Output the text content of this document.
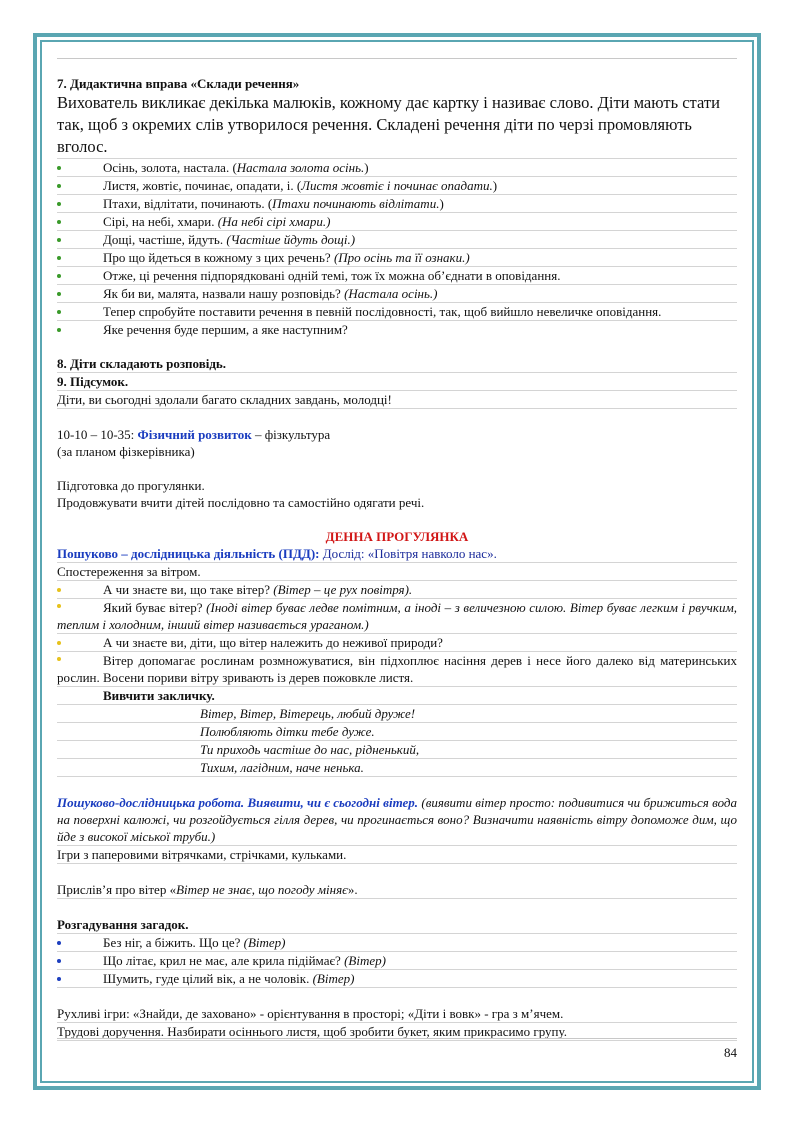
7. Дидактична вправа «Склади речення»
Вихователь викликає декілька малюків, кожному дає картку і називає слово. Діти мають стати так, щоб з окремих слів утворилося речення. Складені речення діти по черзі промовляють вголос.
Осінь, золота, настала. (Настала золота осінь.)
Листя, жовтіє, починає, опадати, і. (Листя жовтіє і починає опадати.)
Птахи, відлітати, починають. (Птахи починають відлітати.)
Сірі, на небі, хмари. (На небі сірі хмари.)
Дощі, частіше, йдуть. (Частіше йдуть дощі.)
Про що йдеться в кожному з цих речень? (Про осінь та її ознаки.)
Отже, ці речення підпорядковані одній темі, тож їх можна об’єднати в оповідання.
Як би ви, малята, назвали нашу розповідь? (Настала осінь.)
Тепер спробуйте поставити речення в певній послідовності, так, щоб вийшло невеличке оповідання.
Яке речення буде першим, а яке наступним?
8. Діти складають розповідь.
9. Підсумок.
Діти, ви сьогодні здолали багато складних завдань, молодці!
10-10 – 10-35: Фізичний розвиток – фізкультура
(за планом фізкерівника)
Підготовка до прогулянки.
Продовжувати вчити дітей послідовно та самостійно одягати речі.
ДЕННА ПРОГУЛЯНКА
Пошуково – дослідницька діяльність (ПДД): Дослід: «Повітря навколо нас».
Спостереження за вітром.
А чи знаєте ви, що таке вітер? (Вітер – це рух повітря).
Який буває вітер? (Іноді вітер буває ледве помітним, а іноді – з величезною силою. Вітер буває легким і рвучким, теплим і холодним, інший вітер називається ураганом.)
А чи знаєте ви, діти, що вітер належить до неживої природи?
Вітер допомагає рослинам розмножуватися, він підхоплює насіння дерев і несе його далеко від материнських рослин. Восени пориви вітру зривають із дерев пожовкле листя.
Вивчити закличку.
Вітер, Вітер, Вітерець, любий друже!
Полюбляють дітки тебе дуже.
Ти приходь частіше до нас, рідненький,
Тихим, лагідним, наче ненька.
Пошуково-дослідницька робота. Виявити, чи є сьогодні вітер. (виявити вітер просто: подивитися чи брижиться вода на поверхні калюжі, чи розгойдується гілля дерев, чи прогинається воно? Визначити наявність вітру допоможе дим, що йде з високої міської труби.)
Ігри з паперовими вітрячками, стрічками, кульками.
Прислів’я про вітер «Вітер не знає, що погоду міняє».
Розгадування загадок.
Без ніг, а біжить. Що це? (Вітер)
Що літає, крил не має, але крила підіймає? (Вітер)
Шумить, гуде цілий вік, а не чоловік. (Вітер)
Рухливі ігри: «Знайди, де заховано» - орієнтування в просторі; «Діти і вовк» - гра з м’ячем.
Трудові доручення. Назбирати осіннього листя, щоб зробити букет, яким прикрасимо групу.
84
